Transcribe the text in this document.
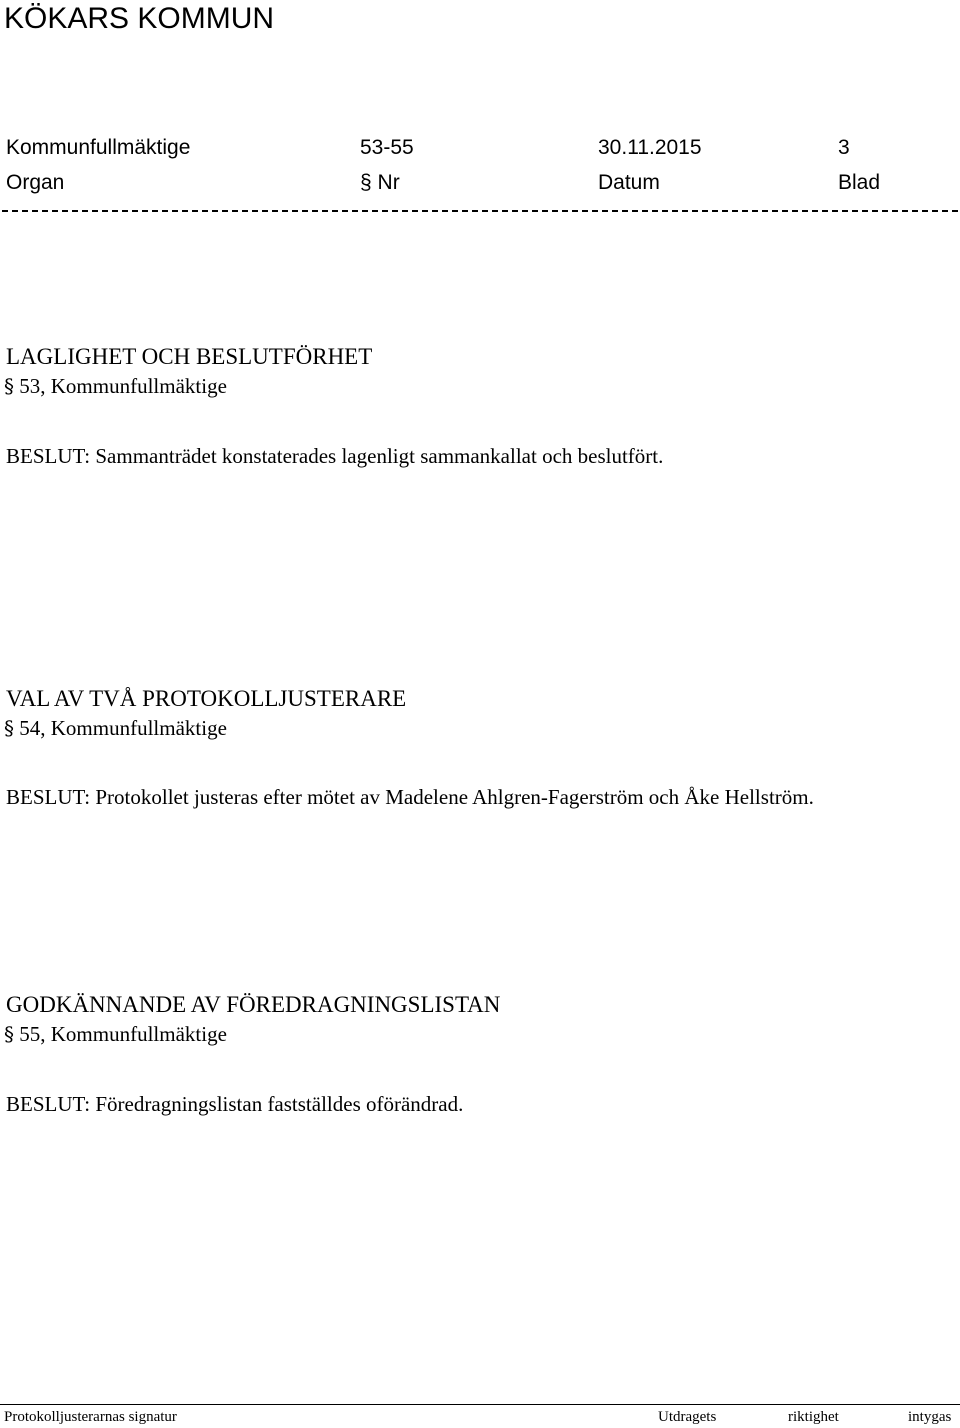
KÖKARS KOMMUN
Kommunfullmäktige	53-55	30.11.2015	3
Organ	§ Nr	Datum	Blad
LAGLIGHET OCH BESLUTFÖRHET
§ 53, Kommunfullmäktige
BESLUT: Sammanträdet konstaterades lagenligt sammankallat och beslutfört.
VAL AV TVÅ PROTOKOLLJUSTERARE
§ 54, Kommunfullmäktige
BESLUT: Protokollet justeras efter mötet av Madelene Ahlgren-Fagerström och Åke Hellström.
GODKÄNNANDE AV FÖREDRAGNINGSLISTAN
§ 55, Kommunfullmäktige
BESLUT: Föredragningslistan fastställdes oförändrad.
Protokolljusterarnas signatur	Utdragets	riktighet	intygas
